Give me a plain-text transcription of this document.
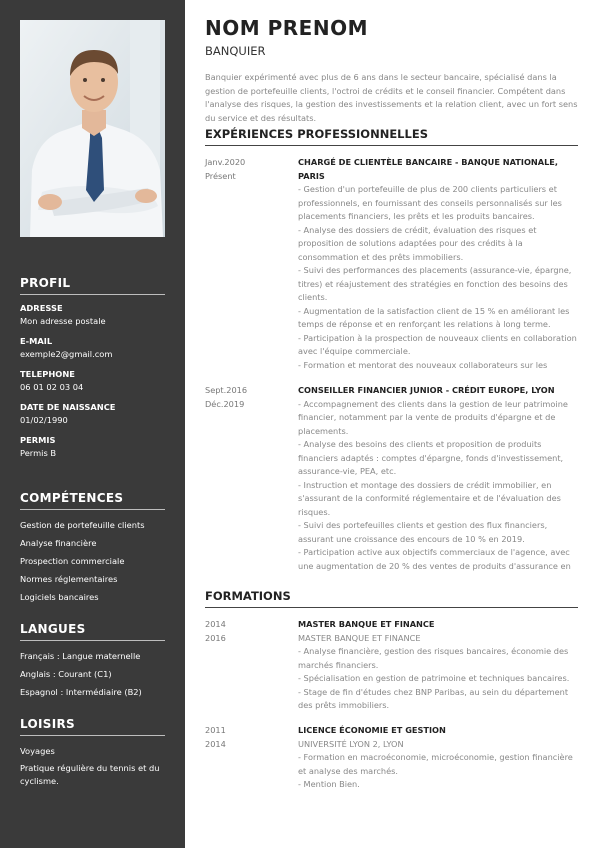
PROFIL
ADRESSE
Mon adresse postale
E-MAIL
exemple2@gmail.com
TELEPHONE
06 01 02 03 04
DATE DE NAISSANCE
01/02/1990
PERMIS
Permis B
COMPÉTENCES
Gestion de portefeuille clients
Analyse financière
Prospection commerciale
Normes réglementaires
Logiciels bancaires
LANGUES
Français : Langue maternelle
Anglais : Courant (C1)
Espagnol : Intermédiaire (B2)
LOISIRS
Voyages
Pratique régulière du tennis et du cyclisme.
NOM PRENOM
BANQUIER
Banquier expérimenté avec plus de 6 ans dans le secteur bancaire, spécialisé dans la gestion de portefeuille clients, l'octroi de crédits et le conseil financier. Compétent dans l'analyse des risques, la gestion des investissements et la relation client, avec un fort sens du service et des résultats.
EXPÉRIENCES PROFESSIONNELLES
Janv.2020
Présent
CHARGÉ DE CLIENTÈLE BANCAIRE - BANQUE NATIONALE, PARIS
- Gestion d'un portefeuille de plus de 200 clients particuliers et professionnels, en fournissant des conseils personnalisés sur les placements financiers, les prêts et les produits bancaires.
- Analyse des dossiers de crédit, évaluation des risques et proposition de solutions adaptées pour des crédits à la consommation et des prêts immobiliers.
- Suivi des performances des placements (assurance-vie, épargne, titres) et réajustement des stratégies en fonction des besoins des clients.
- Augmentation de la satisfaction client de 15 % en améliorant les temps de réponse et en renforçant les relations à long terme.
- Participation à la prospection de nouveaux clients en collaboration avec l'équipe commerciale.
- Formation et mentorat des nouveaux collaborateurs sur les
Sept.2016
Déc.2019
CONSEILLER FINANCIER JUNIOR - CRÉDIT EUROPE, LYON
- Accompagnement des clients dans la gestion de leur patrimoine financier, notamment par la vente de produits d'épargne et de placements.
- Analyse des besoins des clients et proposition de produits financiers adaptés : comptes d'épargne, fonds d'investissement, assurance-vie, PEA, etc.
- Instruction et montage des dossiers de crédit immobilier, en s'assurant de la conformité réglementaire et de l'évaluation des risques.
- Suivi des portefeuilles clients et gestion des flux financiers, assurant une croissance des encours de 10 % en 2019.
- Participation active aux objectifs commerciaux de l'agence, avec une augmentation de 20 % des ventes de produits d'assurance en
FORMATIONS
2014
2016
MASTER BANQUE ET FINANCE
MASTER BANQUE ET FINANCE
- Analyse financière, gestion des risques bancaires, économie des marchés financiers.
- Spécialisation en gestion de patrimoine et techniques bancaires.
- Stage de fin d'études chez BNP Paribas, au sein du département des prêts immobiliers.
2011
2014
LICENCE ÉCONOMIE ET GESTION
UNIVERSITÉ LYON 2, LYON
- Formation en macroéconomie, microéconomie, gestion financière et analyse des marchés.
- Mention Bien.
